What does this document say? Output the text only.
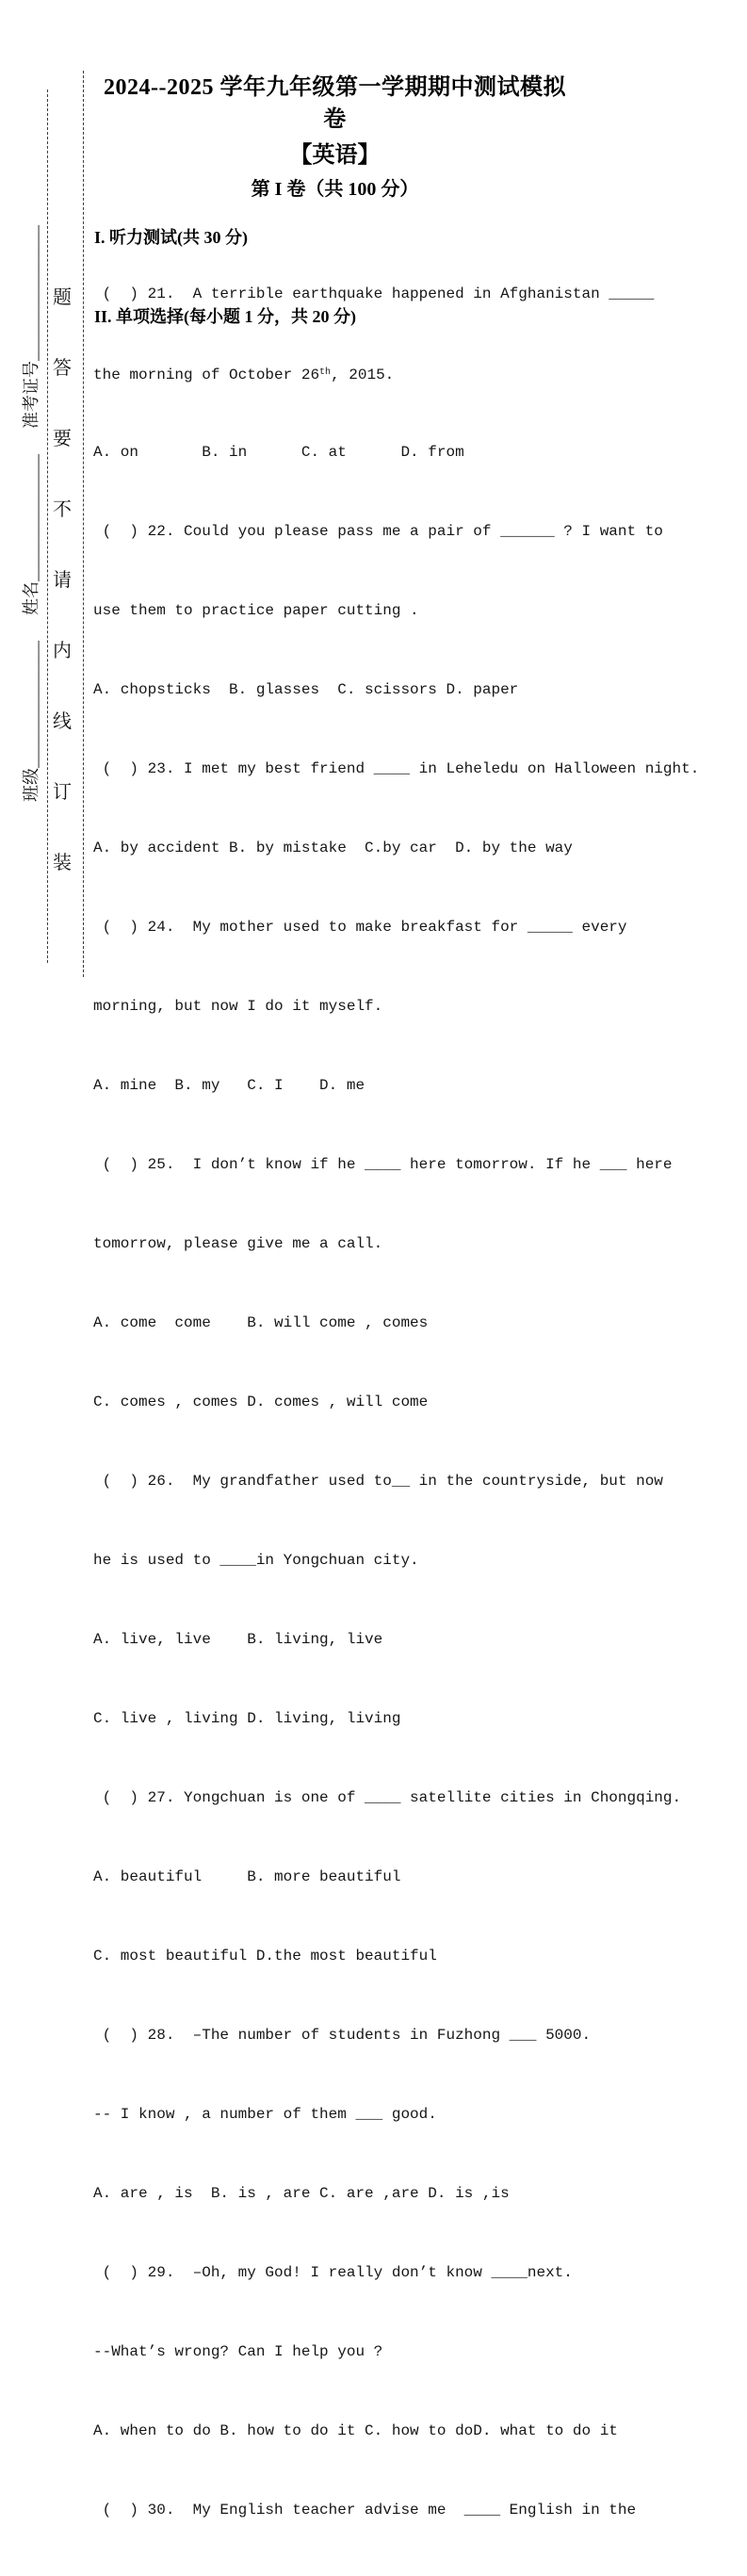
班级_______________      姓名_______________      准考证号________________ 题
答
要
不
请
内
线
订
装
2024--2025 学年九年级第一学期期中测试模拟卷
【英语】
第 I 卷（共 100 分）

I. 听力测试(共 30 分)

II. 单项选择(每小题 1 分，共 20 分)

(  ) 21.  A terrible earthquake happened in Afghanistan _____

the morning of October 26th, 2015.

A. on       B. in      C. at      D. from

(  ) 22. Could you please pass me a pair of ______ ? I want to

use them to practice paper cutting .

A. chopsticks  B. glasses  C. scissors D. paper

(  ) 23. I met my best friend ____ in Leheledu on Halloween night.

A. by accident B. by mistake  C.by car  D. by the way

(  ) 24.  My mother used to make breakfast for _____ every

morning, but now I do it myself.

A. mine  B. my   C. I    D. me

(  ) 25.  I don’t know if he ____ here tomorrow. If he ___ here

tomorrow, please give me a call.

A. come  come    B. will come , comes

C. comes , comes D. comes , will come

(  ) 26.  My grandfather used to__ in the countryside, but now

he is used to ____in Yongchuan city.

A. live, live    B. living, live

C. live , living D. living, living

(  ) 27. Yongchuan is one of ____ satellite cities in Chongqing.

A. beautiful     B. more beautiful

C. most beautiful D.the most beautiful

(  ) 28.  –The number of students in Fuzhong ___ 5000.

-- I know , a number of them ___ good.

A. are , is  B. is , are C. are ,are D. is ,is

(  ) 29.  –Oh, my God! I really don’t know ____next.

--What’s wrong? Can I help you ?

A. when to do B. how to do it C. how to doD. what to do it

(  ) 30.  My English teacher advise me  ____ English in the
